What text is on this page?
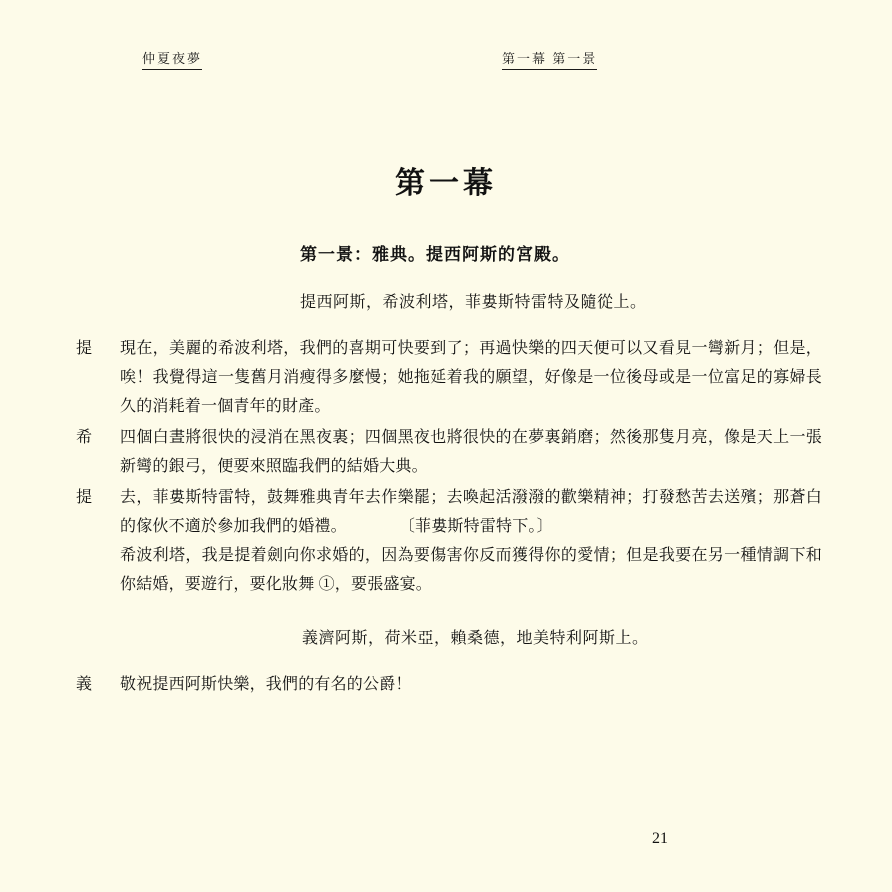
仲夏夜夢	第一幕 第一景
第一幕
第一景：雅典。提西阿斯的宮殿。
提西阿斯，希波利塔，菲婁斯特雷特及隨從上。
提	現在，美麗的希波利塔，我們的喜期可快要到了；再過快樂的四天便可以又看見一彎新月；但是，唉！我覺得這一隻舊月消瘦得多麼慢；她拖延着我的願望，好像是一位後母或是一位富足的寡婦長久的消耗着一個青年的財產。
希	四個白晝將很快的浸消在黑夜裏；四個黑夜也將很快的在夢裏銷磨；然後那隻月亮，像是天上一張新彎的銀弓，便要來照臨我們的結婚大典。
提	去，菲婁斯特雷特，鼓舞雅典青年去作樂罷；去喚起活潑潑的歡樂精神；打發愁苦去送殯；那蒼白的傢伙不適於參加我們的婚禮。	〔菲婁斯特雷特下。〕
希波利塔，我是提着劍向你求婚的，因為要傷害你反而獲得你的愛情；但是我要在另一種情調下和你結婚，要遊行，要化妝舞 ①，要張盛宴。
義濟阿斯，荷米亞，賴桑德，地美特利阿斯上。
義	敬祝提西阿斯快樂，我們的有名的公爵！
21
